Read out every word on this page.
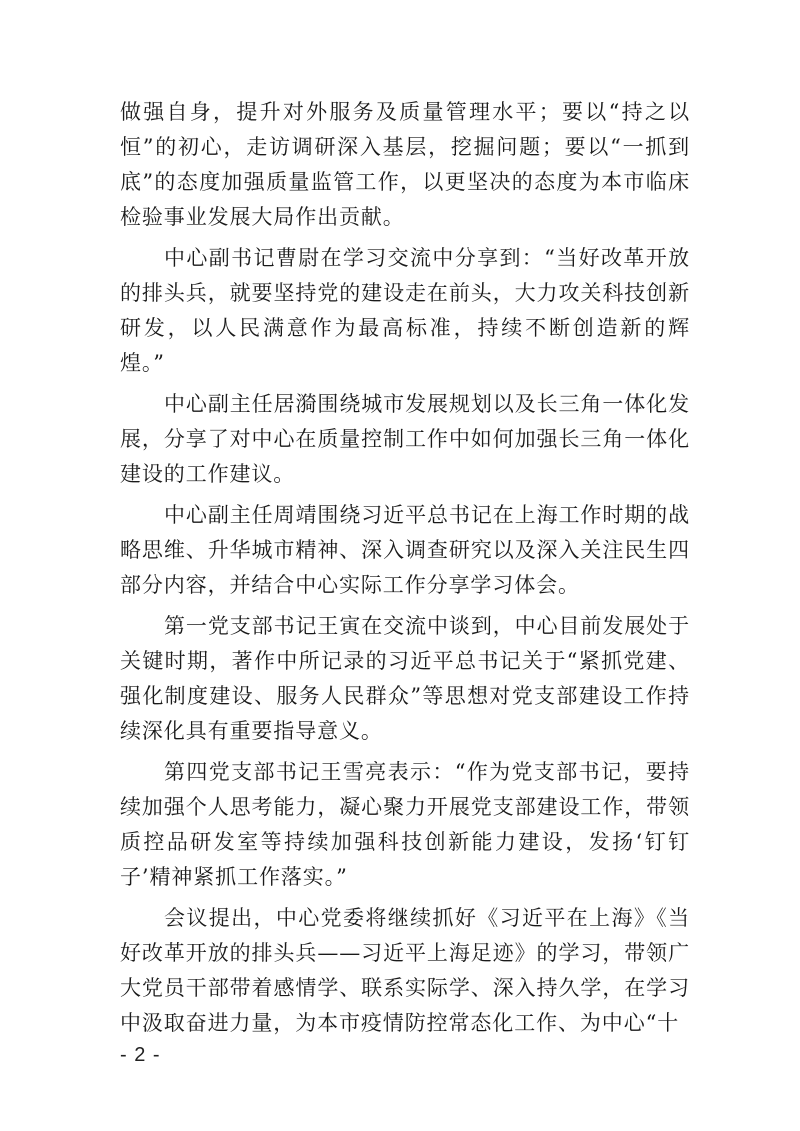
做强自身，提升对外服务及质量管理水平；要以“持之以恒”的初心，走访调研深入基层，挖掘问题；要以“一抓到底”的态度加强质量监管工作，以更坚决的态度为本市临床检验事业发展大局作出贡献。

中心副书记曹尉在学习交流中分享到：“当好改革开放的排头兵，就要坚持党的建设走在前头，大力攻关科技创新研发，以人民满意作为最高标准，持续不断创造新的辉煌。”

中心副主任居漪围绕城市发展规划以及长三角一体化发展，分享了对中心在质量控制工作中如何加强长三角一体化建设的工作建议。

中心副主任周靖围绕习近平总书记在上海工作时期的战略思维、升华城市精神、深入调查研究以及深入关注民生四部分内容，并结合中心实际工作分享学习体会。

第一党支部书记王寅在交流中谈到，中心目前发展处于关键时期，著作中所记录的习近平总书记关于“紧抓党建、强化制度建设、服务人民群众”等思想对党支部建设工作持续深化具有重要指导意义。

第四党支部书记王雪亮表示：“作为党支部书记，要持续加强个人思考能力，凝心聚力开展党支部建设工作，带领质控品研发室等持续加强科技创新能力建设，发扬‘钉钉子’精神紧抓工作落实。”

会议提出，中心党委将继续抓好《习近平在上海》《当好改革开放的排头兵——习近平上海足迹》的学习，带领广大党员干部带着感情学、联系实际学、深入持久学，在学习中汲取奋进力量，为本市疫情防控常态化工作、为中心“十

- 2 -
